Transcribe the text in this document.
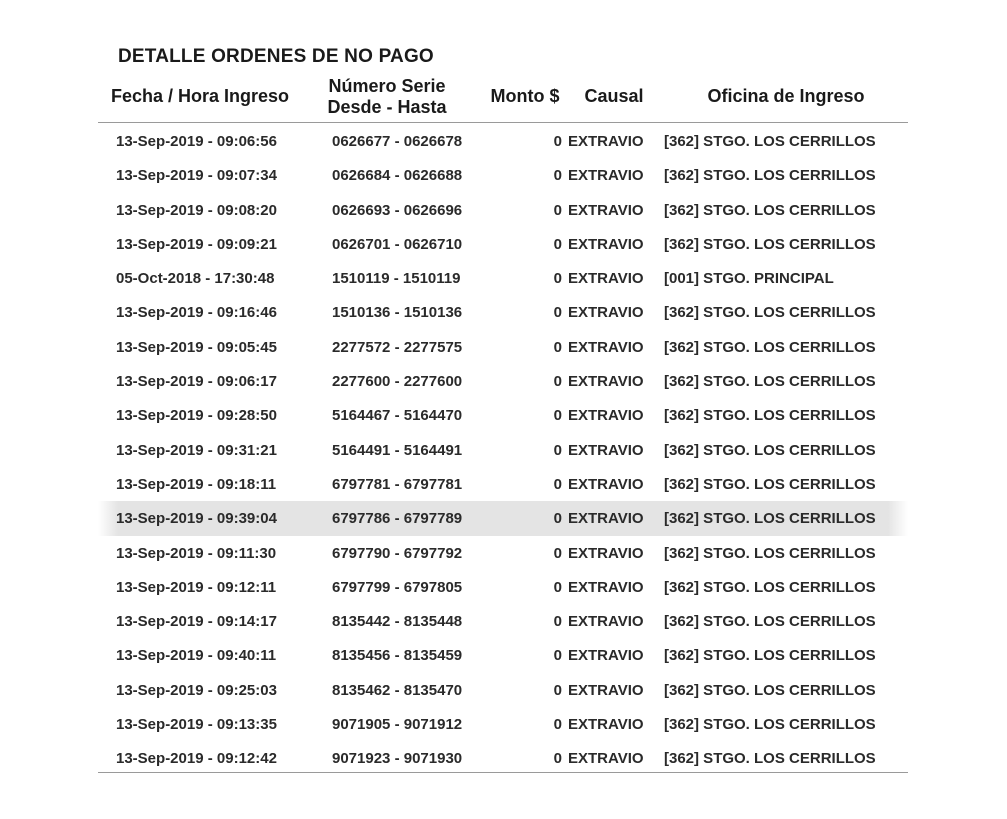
DETALLE ORDENES DE NO PAGO
Fecha / Hora Ingreso	Número Serie
Desde - Hasta
Monto $	Causal	Oficina de Ingreso
13-Sep-2019 - 09:06:56	0626677 - 0626678	0 EXTRAVIO [362] STGO. LOS CERRILLOS
13-Sep-2019 - 09:07:34	0626684 - 0626688	0 EXTRAVIO [362] STGO. LOS CERRILLOS
13-Sep-2019 - 09:08:20	0626693 - 0626696	0 EXTRAVIO [362] STGO. LOS CERRILLOS
13-Sep-2019 - 09:09:21	0626701 - 0626710	0 EXTRAVIO [362] STGO. LOS CERRILLOS
05-Oct-2018 - 17:30:48	1510119 - 1510119	0 EXTRAVIO [001] STGO. PRINCIPAL
13-Sep-2019 - 09:16:46	1510136 - 1510136	0 EXTRAVIO [362] STGO. LOS CERRILLOS
13-Sep-2019 - 09:05:45	2277572 - 2277575	0 EXTRAVIO [362] STGO. LOS CERRILLOS
13-Sep-2019 - 09:06:17	2277600 - 2277600	0 EXTRAVIO [362] STGO. LOS CERRILLOS
13-Sep-2019 - 09:28:50	5164467 - 5164470	0 EXTRAVIO [362] STGO. LOS CERRILLOS
13-Sep-2019 - 09:31:21	5164491 - 5164491	0 EXTRAVIO [362] STGO. LOS CERRILLOS
13-Sep-2019 - 09:18:11	6797781 - 6797781	0 EXTRAVIO [362] STGO. LOS CERRILLOS
13-Sep-2019 - 09:39:04	6797786 - 6797789	0 EXTRAVIO [362] STGO. LOS CERRILLOS
13-Sep-2019 - 09:11:30	6797790 - 6797792	0 EXTRAVIO [362] STGO. LOS CERRILLOS
13-Sep-2019 - 09:12:11	6797799 - 6797805	0 EXTRAVIO [362] STGO. LOS CERRILLOS
13-Sep-2019 - 09:14:17	8135442 - 8135448	0 EXTRAVIO [362] STGO. LOS CERRILLOS
13-Sep-2019 - 09:40:11	8135456 - 8135459	0 EXTRAVIO [362] STGO. LOS CERRILLOS
13-Sep-2019 - 09:25:03	8135462 - 8135470	0 EXTRAVIO [362] STGO. LOS CERRILLOS
13-Sep-2019 - 09:13:35	9071905 - 9071912	0 EXTRAVIO [362] STGO. LOS CERRILLOS
13-Sep-2019 - 09:12:42	9071923 - 9071930	0 EXTRAVIO [362] STGO. LOS CERRILLOS
